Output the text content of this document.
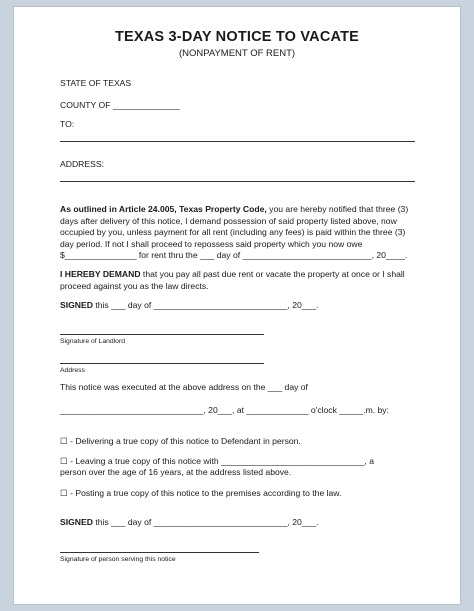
TEXAS 3-DAY NOTICE TO VACATE
(NONPAYMENT OF RENT)
STATE OF TEXAS
COUNTY OF ______________
TO:
ADDRESS:
As outlined in Article 24.005, Texas Property Code, you are hereby notified that three (3)
days after delivery of this notice, I demand possession of said property listed above, now
occupied by you, unless payment for all rent (including any fees) is paid within the three (3)
day period. If not I shall proceed to repossess said property which you now owe
$_______________ for rent thru the ___ day of ___________________________, 20____.
I HEREBY DEMAND that you pay all past due rent or vacate the property at once or I shall
proceed against you as the law directs.
SIGNED this ___ day of ____________________________, 20___.
Signature of Landlord
Address
This notice was executed at the above address on the ___ day of
______________________________, 20___, at _____________ o'clock _____.m. by:
☐ - Delivering a true copy of this notice to Defendant in person.
☐ - Leaving a true copy of this notice with ______________________________, a
person over the age of 16 years, at the address listed above.
☐ - Posting a true copy of this notice to the premises according to the law.
SIGNED this ___ day of ____________________________, 20___.
Signature of person serving this notice
